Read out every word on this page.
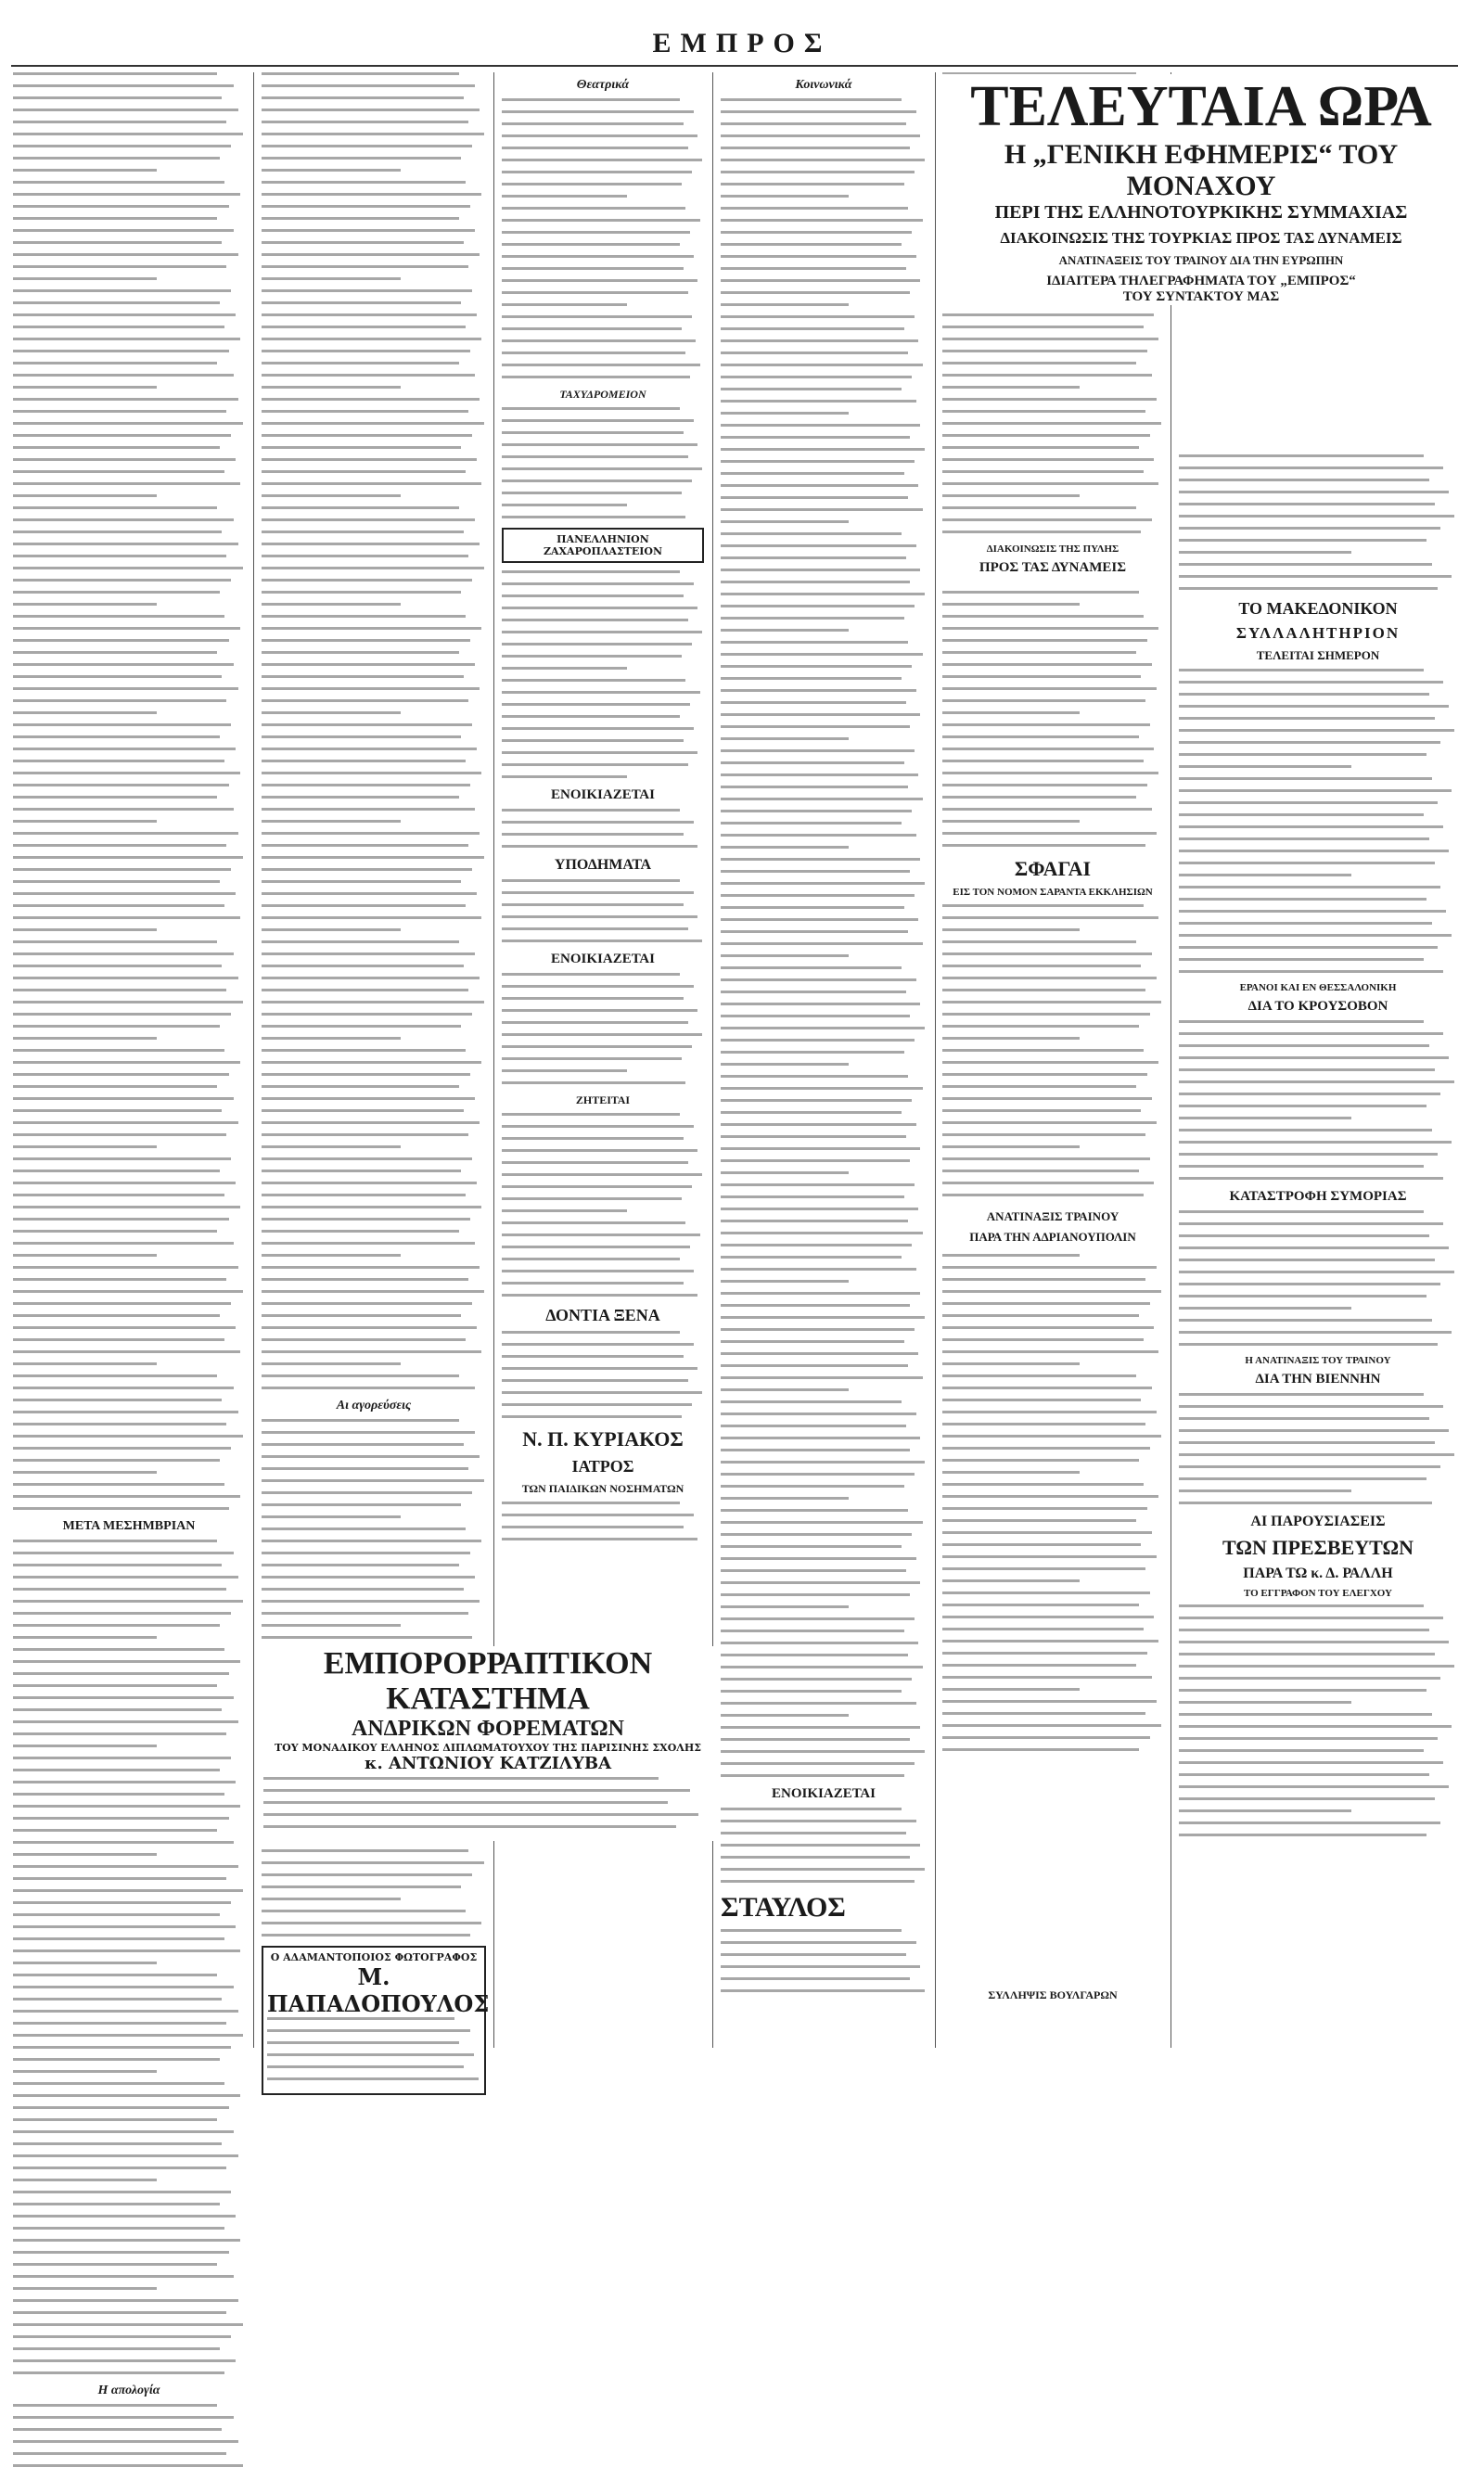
ΕΜΠΡΟΣ
ΜΕΤΑ ΜΕΣΗΜΒΡΙΑΝ
Η απολογία
Αι αγορεύσεις
Ο ΑΔΑΜΑΝΤΟΠΟΙΟΣ ΦΩΤΟΓΡΑΦΟΣ
Μ. ΠΑΠΑΔΟΠΟΥΛΟΣ
ΕΜΠΟΡΟΡΡΑΠΤΙΚΟΝ ΚΑΤΑΣΤΗΜΑ
ΑΝΔΡΙΚΩΝ ΦΟΡΕΜΑΤΩΝ
ΤΟΥ ΜΟΝΑΔΙΚΟΥ ΕΛΛΗΝΟΣ ΔΙΠΛΩΜΑΤΟΥΧΟΥ ΤΗΣ ΠΑΡΙΣΙΝΗΣ ΣΧΟΛΗΣ
κ. ΑΝΤΩΝΙΟΥ ΚΑΤΖΙΛΥΒΑ
Θεατρικά
ΤΑΧΥΔΡΟΜΕΙΟΝ
ΠΑΝΕΛΛΗΝΙΟΝ ΖΑΧΑΡΟΠΛΑΣΤΕΙΟΝ
ΕΝΟΙΚΙΑΖΕΤΑΙ
ΥΠΟΔΗΜΑΤΑ
ΕΝΟΙΚΙΑΖΕΤΑΙ
ΖΗΤΕΙΤΑΙ
ΔΟΝΤΙΑ ΞΕΝΑ
Ν. Π. ΚΥΡΙΑΚΟΣ
ΙΑΤΡΟΣ
ΤΩΝ ΠΑΙΔΙΚΩΝ ΝΟΣΗΜΑΤΩΝ
Κοινωνικά
ΕΝΟΙΚΙΑΖΕΤΑΙ
ΣΤΑΥΛΟΣ
ΤΕΛΕΥΤΑΙΑ ΩΡΑ
Η „ΓΕΝΙΚΗ ΕΦΗΜΕΡΙΣ“ ΤΟΥ ΜΟΝΑΧΟΥ
ΠΕΡΙ ΤΗΣ ΕΛΛΗΝΟΤΟΥΡΚΙΚΗΣ ΣΥΜΜΑΧΙΑΣ
ΔΙΑΚΟΙΝΩΣΙΣ ΤΗΣ ΤΟΥΡΚΙΑΣ ΠΡΟΣ ΤΑΣ ΔΥΝΑΜΕΙΣ
ΑΝΑΤΙΝΑΞΕΙΣ ΤΟΥ ΤΡΑΙΝΟΥ ΔΙΑ ΤΗΝ ΕΥΡΩΠΗΝ
ΙΔΙΑΙΤΕΡΑ ΤΗΛΕΓΡΑΦΗΜΑΤΑ ΤΟΥ „ΕΜΠΡΟΣ“
ΤΟΥ ΣΥΝΤΑΚΤΟΥ ΜΑΣ
ΔΙΑΚΟΙΝΩΣΙΣ ΤΗΣ ΠΥΛΗΣ
ΠΡΟΣ ΤΑΣ ΔΥΝΑΜΕΙΣ
ΣΦΑΓΑΙ
ΕΙΣ ΤΟΝ ΝΟΜΟΝ ΣΑΡΑΝΤΑ ΕΚΚΛΗΣΙΩΝ
ΑΝΑΤΙΝΑΞΙΣ ΤΡΑΙΝΟΥ
ΠΑΡΑ ΤΗΝ ΑΔΡΙΑΝΟΥΠΟΛΙΝ
ΣΥΛΛΗΨΙΣ ΒΟΥΛΓΑΡΩΝ
ΤΟ ΜΑΚΕΔΟΝΙΚΟΝ
ΣΥΛΛΑΛΗΤΗΡΙΟΝ
ΤΕΛΕΙΤΑΙ ΣΗΜΕΡΟΝ
ΕΡΑΝΟΙ ΚΑΙ ΕΝ ΘΕΣΣΑΛΟΝΙΚΗ
ΔΙΑ ΤΟ ΚΡΟΥΣΟΒΟΝ
ΚΑΤΑΣΤΡΟΦΗ ΣΥΜΟΡΙΑΣ
Η ΑΝΑΤΙΝΑΞΙΣ ΤΟΥ ΤΡΑΙΝΟΥ
ΔΙΑ ΤΗΝ ΒΙΕΝΝΗΝ
ΑΙ ΠΑΡΟΥΣΙΑΣΕΙΣ
ΤΩΝ ΠΡΕΣΒΕΥΤΩΝ
ΠΑΡΑ ΤΩ κ. Δ. ΡΑΛΛΗ
ΤΟ ΕΓΓΡΑΦΟΝ ΤΟΥ ΕΛΕΓΧΟΥ
